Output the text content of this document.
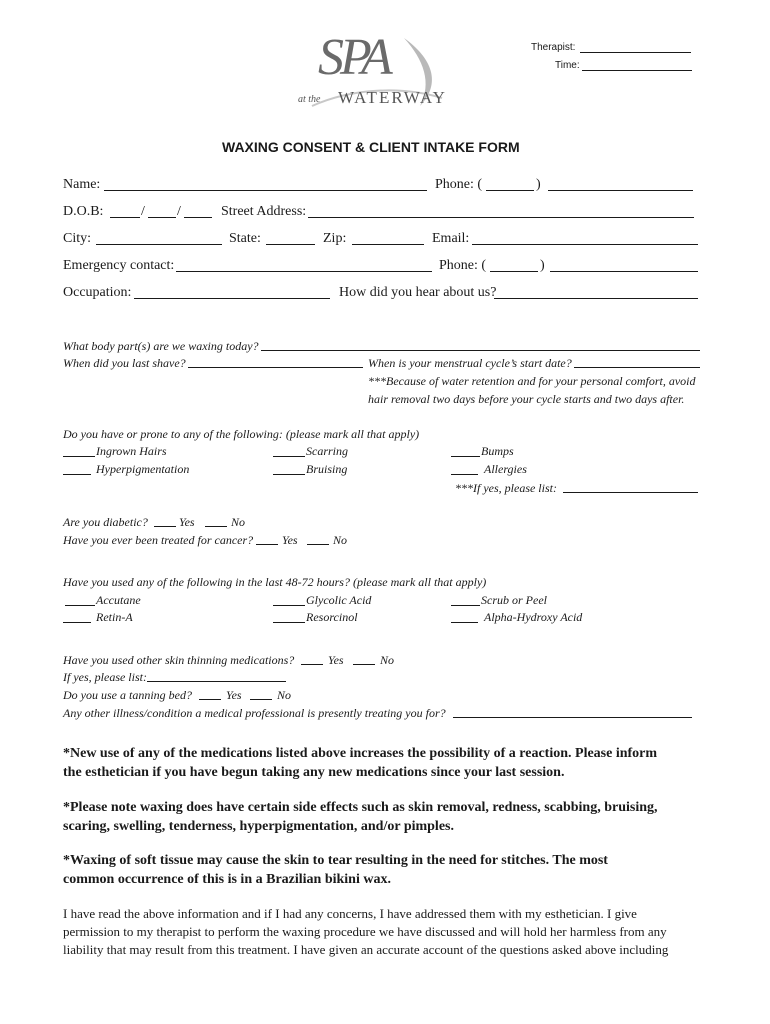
SPA
at the WATERWAY
Therapist:
Time:
WAXING CONSENT & CLIENT INTAKE FORM
Name:	Phone: (	)
D.O.B:	/ /	Street Address:
City:	State:	Zip:	Email:
Emergency contact:	Phone: (	)
Occupation:	How did you hear about us?
What body part(s) are we waxing today?
When did you last shave?	When is your menstrual cycle’s start date?
***Because of water retention and for your personal comfort, avoid
hair removal two days before your cycle starts and two days after.
Do you have or prone to any of the following: (please mark all that apply)
Ingrown Hairs	Scarring	Bumps
Hyperpigmentation	Bruising	Allergies
***If yes, please list:
Are you diabetic?	Yes	No
Have you ever been treated for cancer? Yes	No
Have you used any of the following in the last 48-72 hours? (please mark all that apply)
Accutane	Glycolic Acid	Scrub or Peel
Retin-A	Resorcinol	Alpha-Hydroxy Acid
Have you used other skin thinning medications?	Yes	No
If yes, please list:
Do you use a tanning bed?	Yes	No
Any other illness/condition a medical professional is presently treating you for?
*New use of any of the medications listed above increases the possibility of a reaction. Please inform
the esthetician if you have begun taking any new medications since your last session.
*Please note waxing does have certain side effects such as skin removal, redness, scabbing, bruising,
scaring, swelling, tenderness, hyperpigmentation, and/or pimples.
*Waxing of soft tissue may cause the skin to tear resulting in the need for stitches. The most
common occurrence of this is in a Brazilian bikini wax.
I have read the above information and if I had any concerns, I have addressed them with my esthetician. I give
permission to my therapist to perform the waxing procedure we have discussed and will hold her harmless from any
liability that may result from this treatment. I have given an accurate account of the questions asked above including
